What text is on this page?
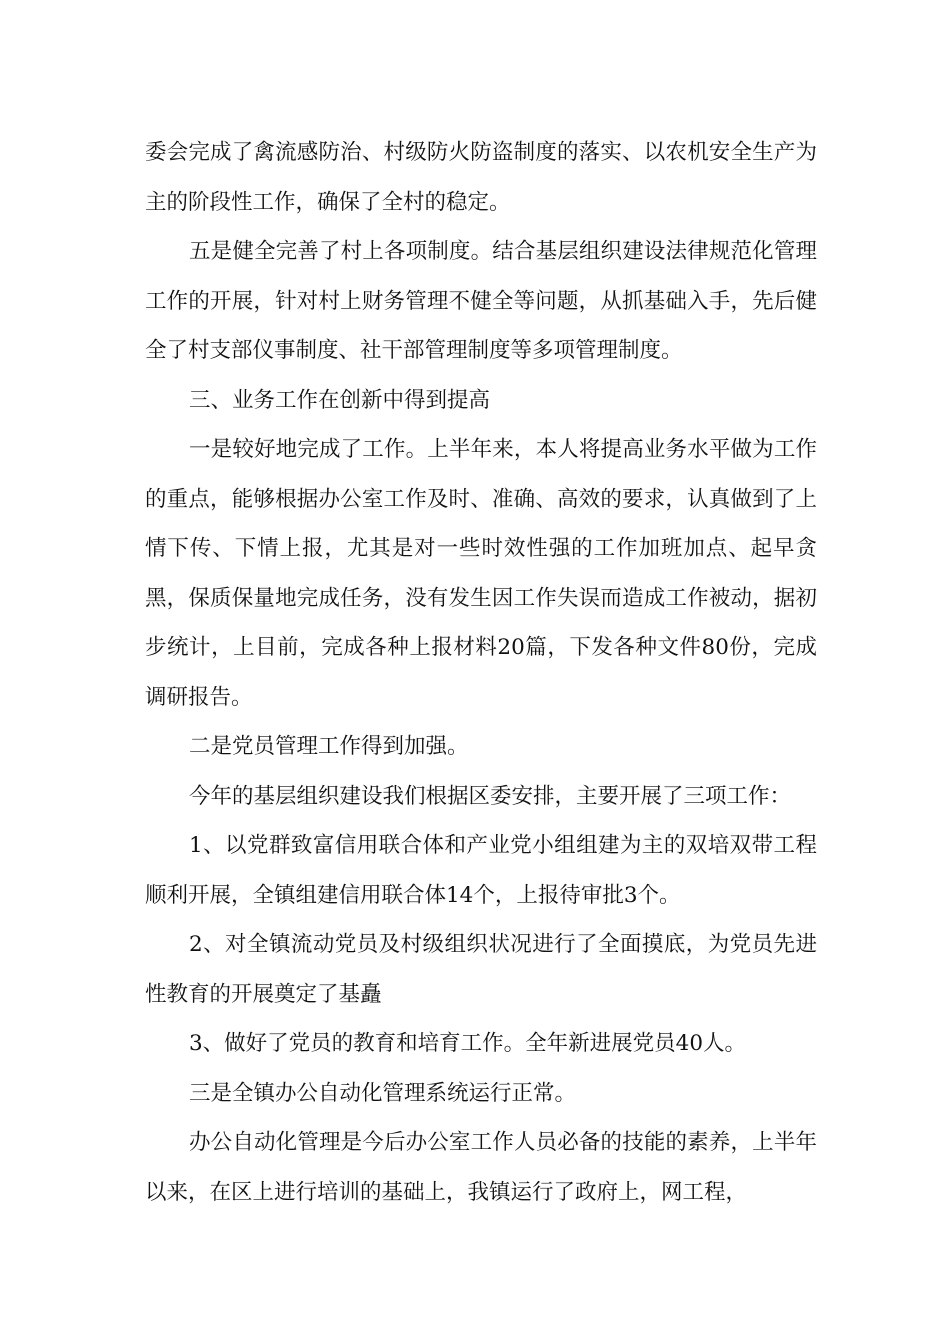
委会完成了禽流感防治、村级防火防盗制度的落实、以农机安全生产为主的阶段性工作，确保了全村的稳定。

五是健全完善了村上各项制度。结合基层组织建设法律规范化管理工作的开展，针对村上财务管理不健全等问题，从抓基础入手，先后健全了村支部仪事制度、社干部管理制度等多项管理制度。

三、业务工作在创新中得到提高

一是较好地完成了工作。上半年来，本人将提高业务水平做为工作的重点，能够根据办公室工作及时、准确、高效的要求，认真做到了上情下传、下情上报，尤其是对一些时效性强的工作加班加点、起早贪黑，保质保量地完成任务，没有发生因工作失误而造成工作被动，据初步统计，上目前，完成各种上报材料20篇，下发各种文件80份，完成调研报告。

二是党员管理工作得到加强。

今年的基层组织建设我们根据区委安排，主要开展了三项工作：

1、以党群致富信用联合体和产业党小组组建为主的双培双带工程顺利开展，全镇组建信用联合体14个，上报待审批3个。

2、对全镇流动党员及村级组织状况进行了全面摸底，为党员先进性教育的开展奠定了基矗

3、做好了党员的教育和培育工作。全年新进展党员40人。

三是全镇办公自动化管理系统运行正常。

办公自动化管理是今后办公室工作人员必备的技能的素养，上半年以来，在区上进行培训的基础上，我镇运行了政府上，网工程，
